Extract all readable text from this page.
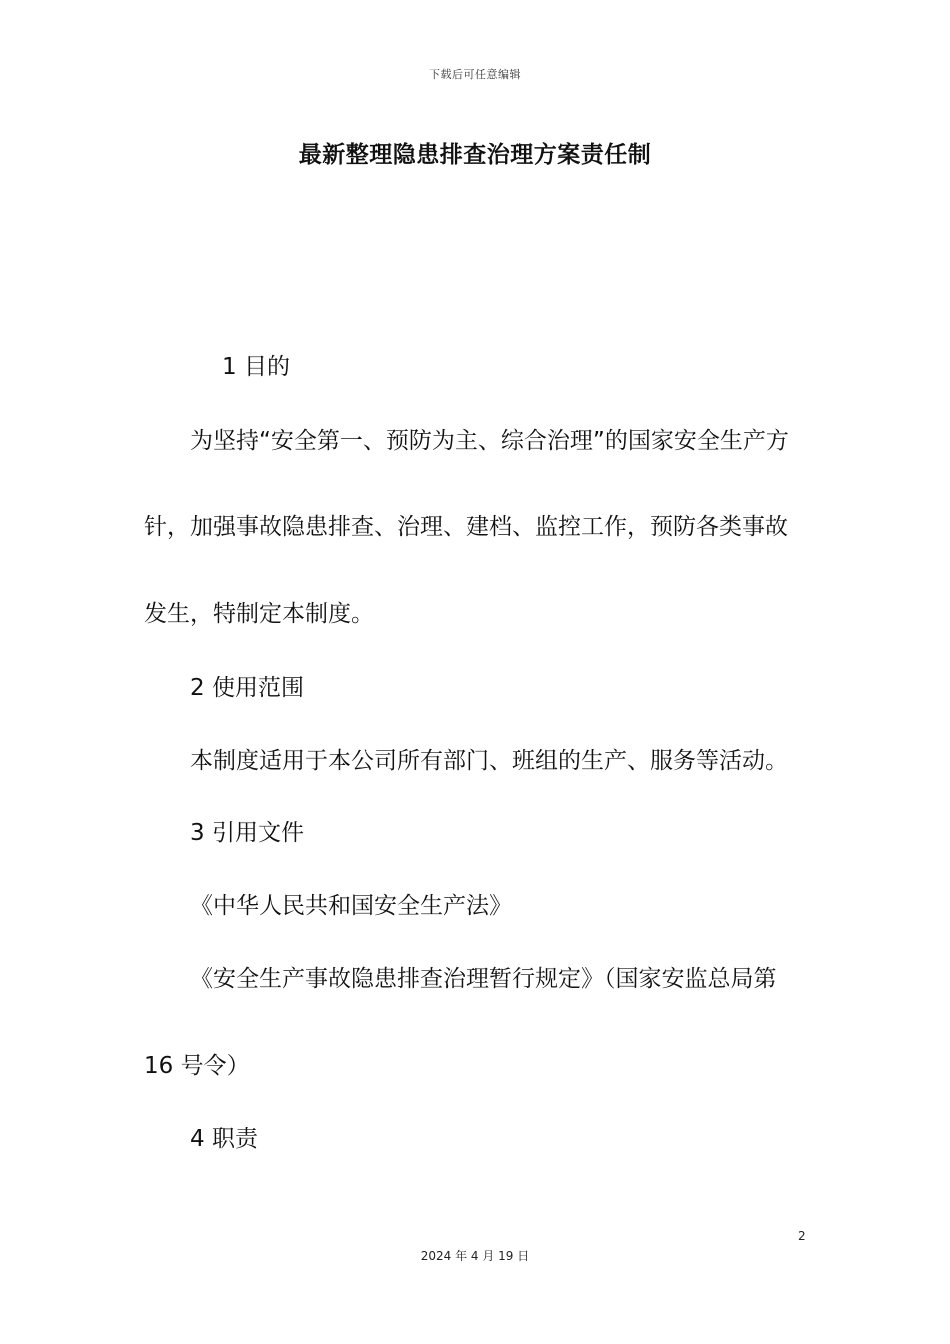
下载后可任意编辑
最新整理隐患排查治理方案责任制
1 目的
为坚持“安全第一、预防为主、综合治理”的国家安全生产方
针，加强事故隐患排查、治理、建档、监控工作，预防各类事故
发生，特制定本制度。
2 使用范围
本制度适用于本公司所有部门、班组的生产、服务等活动。
3 引用文件
《中华人民共和国安全生产法》
《安全生产事故隐患排查治理暂行规定》（国家安监总局第
16 号令）
4 职责
2
2024 年 4 月 19 日
